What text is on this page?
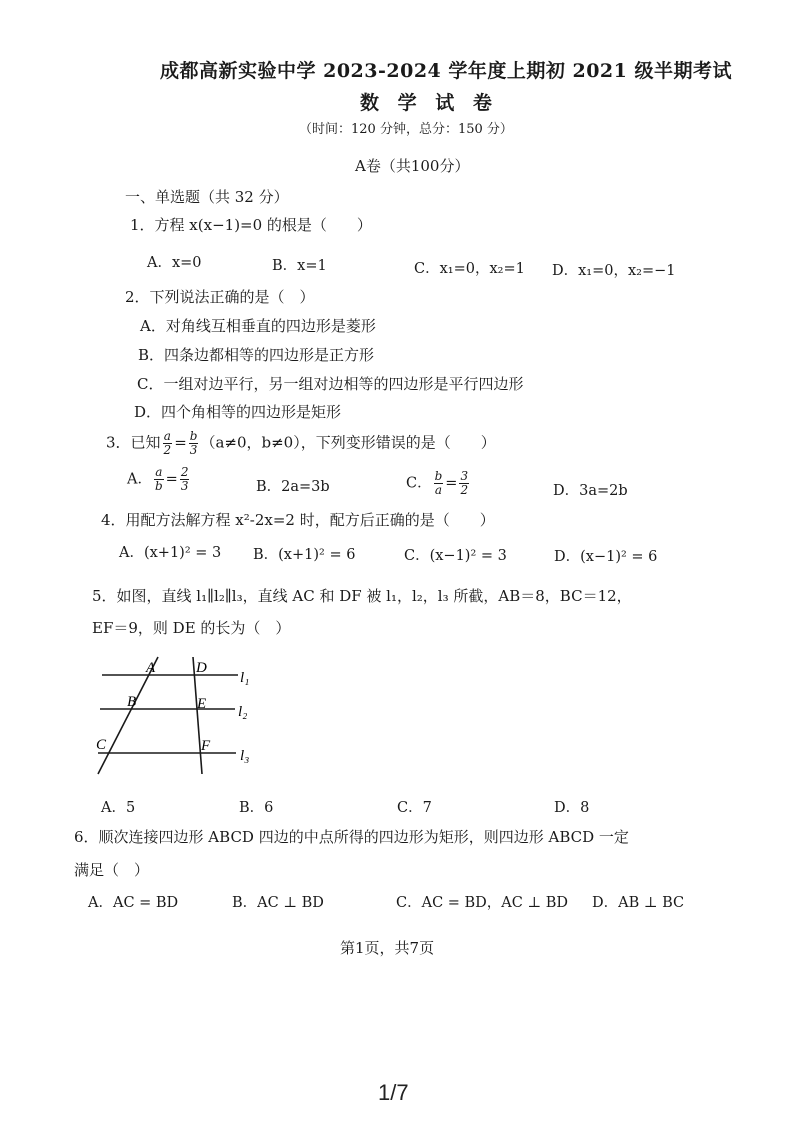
成都高新实验中学 2023-2024 学年度上期初 2021 级半期考试
数 学 试 卷
（时间：120 分钟，总分：150 分）
A卷（共100分）
一、单选题（共 32 分）
1．方程 x(x−1)=0 的根是（　　）
A．x=0	B．x=1	C．x₁=0，x₂=1 D．x₁=0，x₂=−1
2．下列说法正确的是（　）
A．对角线互相垂直的四边形是菱形
B．四条边都相等的四边形是正方形
C．一组对边平行，另一组对边相等的四边形是平行四边形
D．四个角相等的四边形是矩形
3．已知 $\frac{a}{2} = \frac{b}{3} (a\ne 0$，b≠0），下列变形错误的是（　　）
A． $\frac{a}{b} = \frac{2}{3}$	B．2a=3b	C． $\frac{b}{a} = \frac{3}{2}$	D．3a=2b
4．用配方法解方程 x²-2x=2 时，配方后正确的是（　　）
A．(x+1)² = 3 B．(x+1)² = 6	C．(x−1)² = 3	D．(x−1)² = 6
5．如图，直线 l₁∥l₂∥l₃，直线 AC 和 DF 被 l₁，l₂，l₃ 所截，AB＝8，BC＝12，
EF＝9，则 DE 的长为（　）
A
B
C
D
E
F
l₁
l₂
l₃
A．5	B．6	C．7	D．8
6．顺次连接四边形 ABCD 四边的中点所得的四边形为矩形，则四边形 ABCD 一定
满足（　）
A．AC = BD	B．AC ⊥ BD	C．AC = BD，AC ⊥ BD D．AB ⊥ BC
第1页，共7页
1/7
